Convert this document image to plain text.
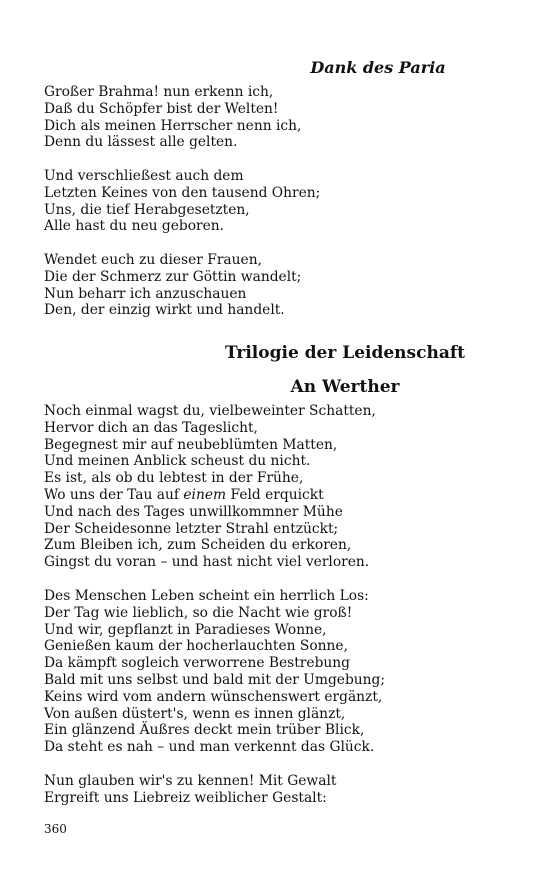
Dank des Paria
Großer Brahma! nun erkenn ich,
Daß du Schöpfer bist der Welten!
Dich als meinen Herrscher nenn ich,
Denn du lässest alle gelten.
Und verschließest auch dem
Letzten Keines von den tausend Ohren;
Uns, die tief Herabgesetzten,
Alle hast du neu geboren.
Wendet euch zu dieser Frauen,
Die der Schmerz zur Göttin wandelt;
Nun beharr ich anzuschauen
Den, der einzig wirkt und handelt.
Trilogie der Leidenschaft
An Werther
Noch einmal wagst du, vielbeweinter Schatten,
Hervor dich an das Tageslicht,
Begegnest mir auf neubeblümten Matten,
Und meinen Anblick scheust du nicht.
Es ist, als ob du lebtest in der Frühe,
Wo uns der Tau auf einem Feld erquickt
Und nach des Tages unwillkommner Mühe
Der Scheidesonne letzter Strahl entzückt;
Zum Bleiben ich, zum Scheiden du erkoren,
Gingst du voran – und hast nicht viel verloren.
Des Menschen Leben scheint ein herrlich Los:
Der Tag wie lieblich, so die Nacht wie groß!
Und wir, gepflanzt in Paradieses Wonne,
Genießen kaum der hocherlauchten Sonne,
Da kämpft sogleich verworrene Bestrebung
Bald mit uns selbst und bald mit der Umgebung;
Keins wird vom andern wünschenswert ergänzt,
Von außen düstert's, wenn es innen glänzt,
Ein glänzend Äußres deckt mein trüber Blick,
Da steht es nah – und man verkennt das Glück.
Nun glauben wir's zu kennen! Mit Gewalt
Ergreift uns Liebreiz weiblicher Gestalt:
360
